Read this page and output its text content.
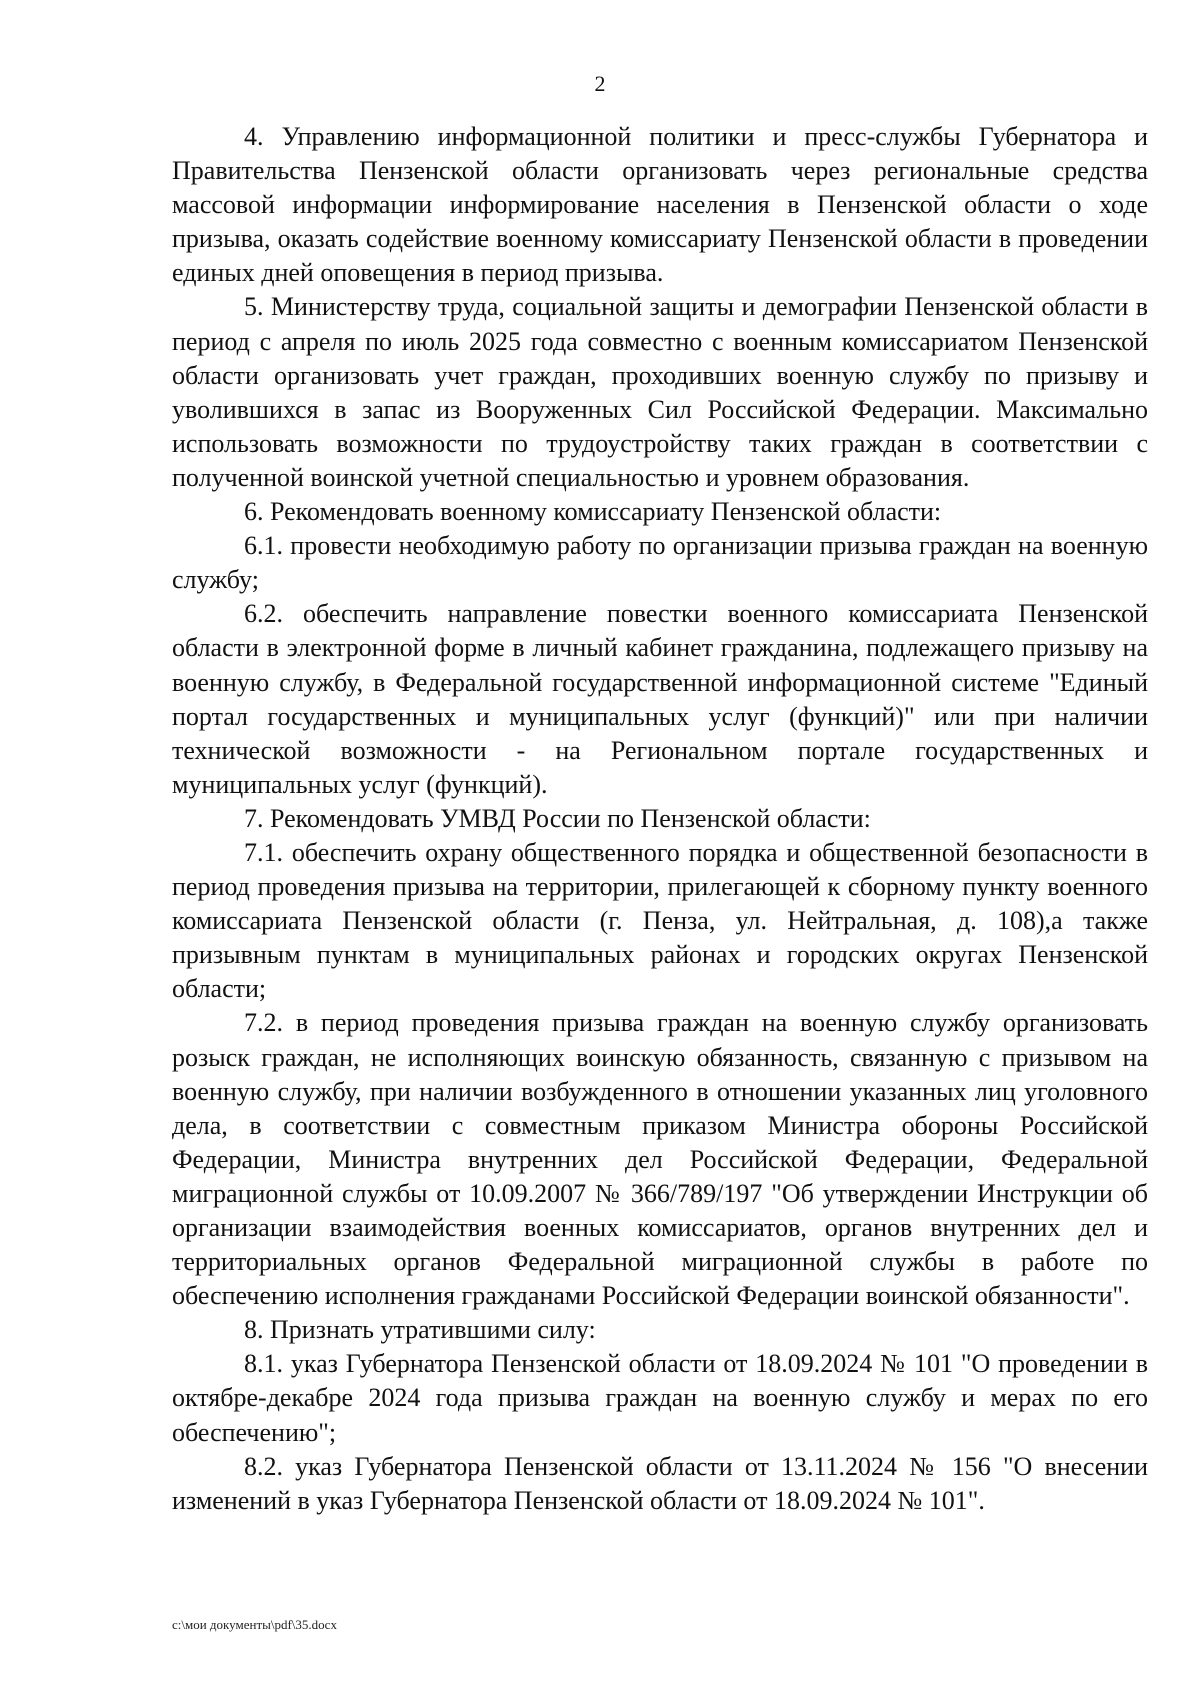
2

4. Управлению информационной политики и пресс-службы Губернатора и Правительства Пензенской области организовать через региональные средства массовой информации информирование населения в Пензенской области о ходе призыва, оказать содействие военному комиссариату Пензенской области в проведении единых дней оповещения в период призыва.

5. Министерству труда, социальной защиты и демографии Пензенской области в период с апреля по июль 2025 года совместно с военным комиссариатом Пензенской области организовать учет граждан, проходивших военную службу по призыву и уволившихся в запас из Вооруженных Сил Российской Федерации. Максимально использовать возможности по трудоустройству таких граждан в соответствии с полученной воинской учетной специальностью и уровнем образования.

6. Рекомендовать военному комиссариату Пензенской области:

6.1. провести необходимую работу по организации призыва граждан на военную службу;

6.2. обеспечить направление повестки военного комиссариата Пензенской области в электронной форме в личный кабинет гражданина, подлежащего призыву на военную службу, в Федеральной государственной информационной системе "Единый портал государственных и муниципальных услуг (функций)" или при наличии технической возможности - на Региональном портале государственных и муниципальных услуг (функций).

7. Рекомендовать УМВД России по Пензенской области:

7.1. обеспечить охрану общественного порядка и общественной безопасности в период проведения призыва на территории, прилегающей к сборному пункту военного комиссариата Пензенской области (г. Пенза, ул. Нейтральная, д. 108),а также призывным пунктам в муниципальных районах и городских округах Пензенской области;

7.2. в период проведения призыва граждан на военную службу организовать розыск граждан, не исполняющих воинскую обязанность, связанную с призывом на военную службу, при наличии возбужденного в отношении указанных лиц уголовного дела, в соответствии с совместным приказом Министра обороны Российской Федерации, Министра внутренних дел Российской Федерации, Федеральной миграционной службы от 10.09.2007 № 366/789/197 "Об утверждении Инструкции об организации взаимодействия военных комиссариатов, органов внутренних дел и территориальных органов Федеральной миграционной службы в работе по обеспечению исполнения гражданами Российской Федерации воинской обязанности".

8. Признать утратившими силу:

8.1. указ Губернатора Пензенской области от 18.09.2024 № 101 "О проведении в октябре-декабре 2024 года призыва граждан на военную службу и мерах по его обеспечению";

8.2. указ Губернатора Пензенской области от 13.11.2024 № 156 "О внесении изменений в указ Губернатора Пензенской области от 18.09.2024 № 101".

c:\мои документы\pdf\35.docx
